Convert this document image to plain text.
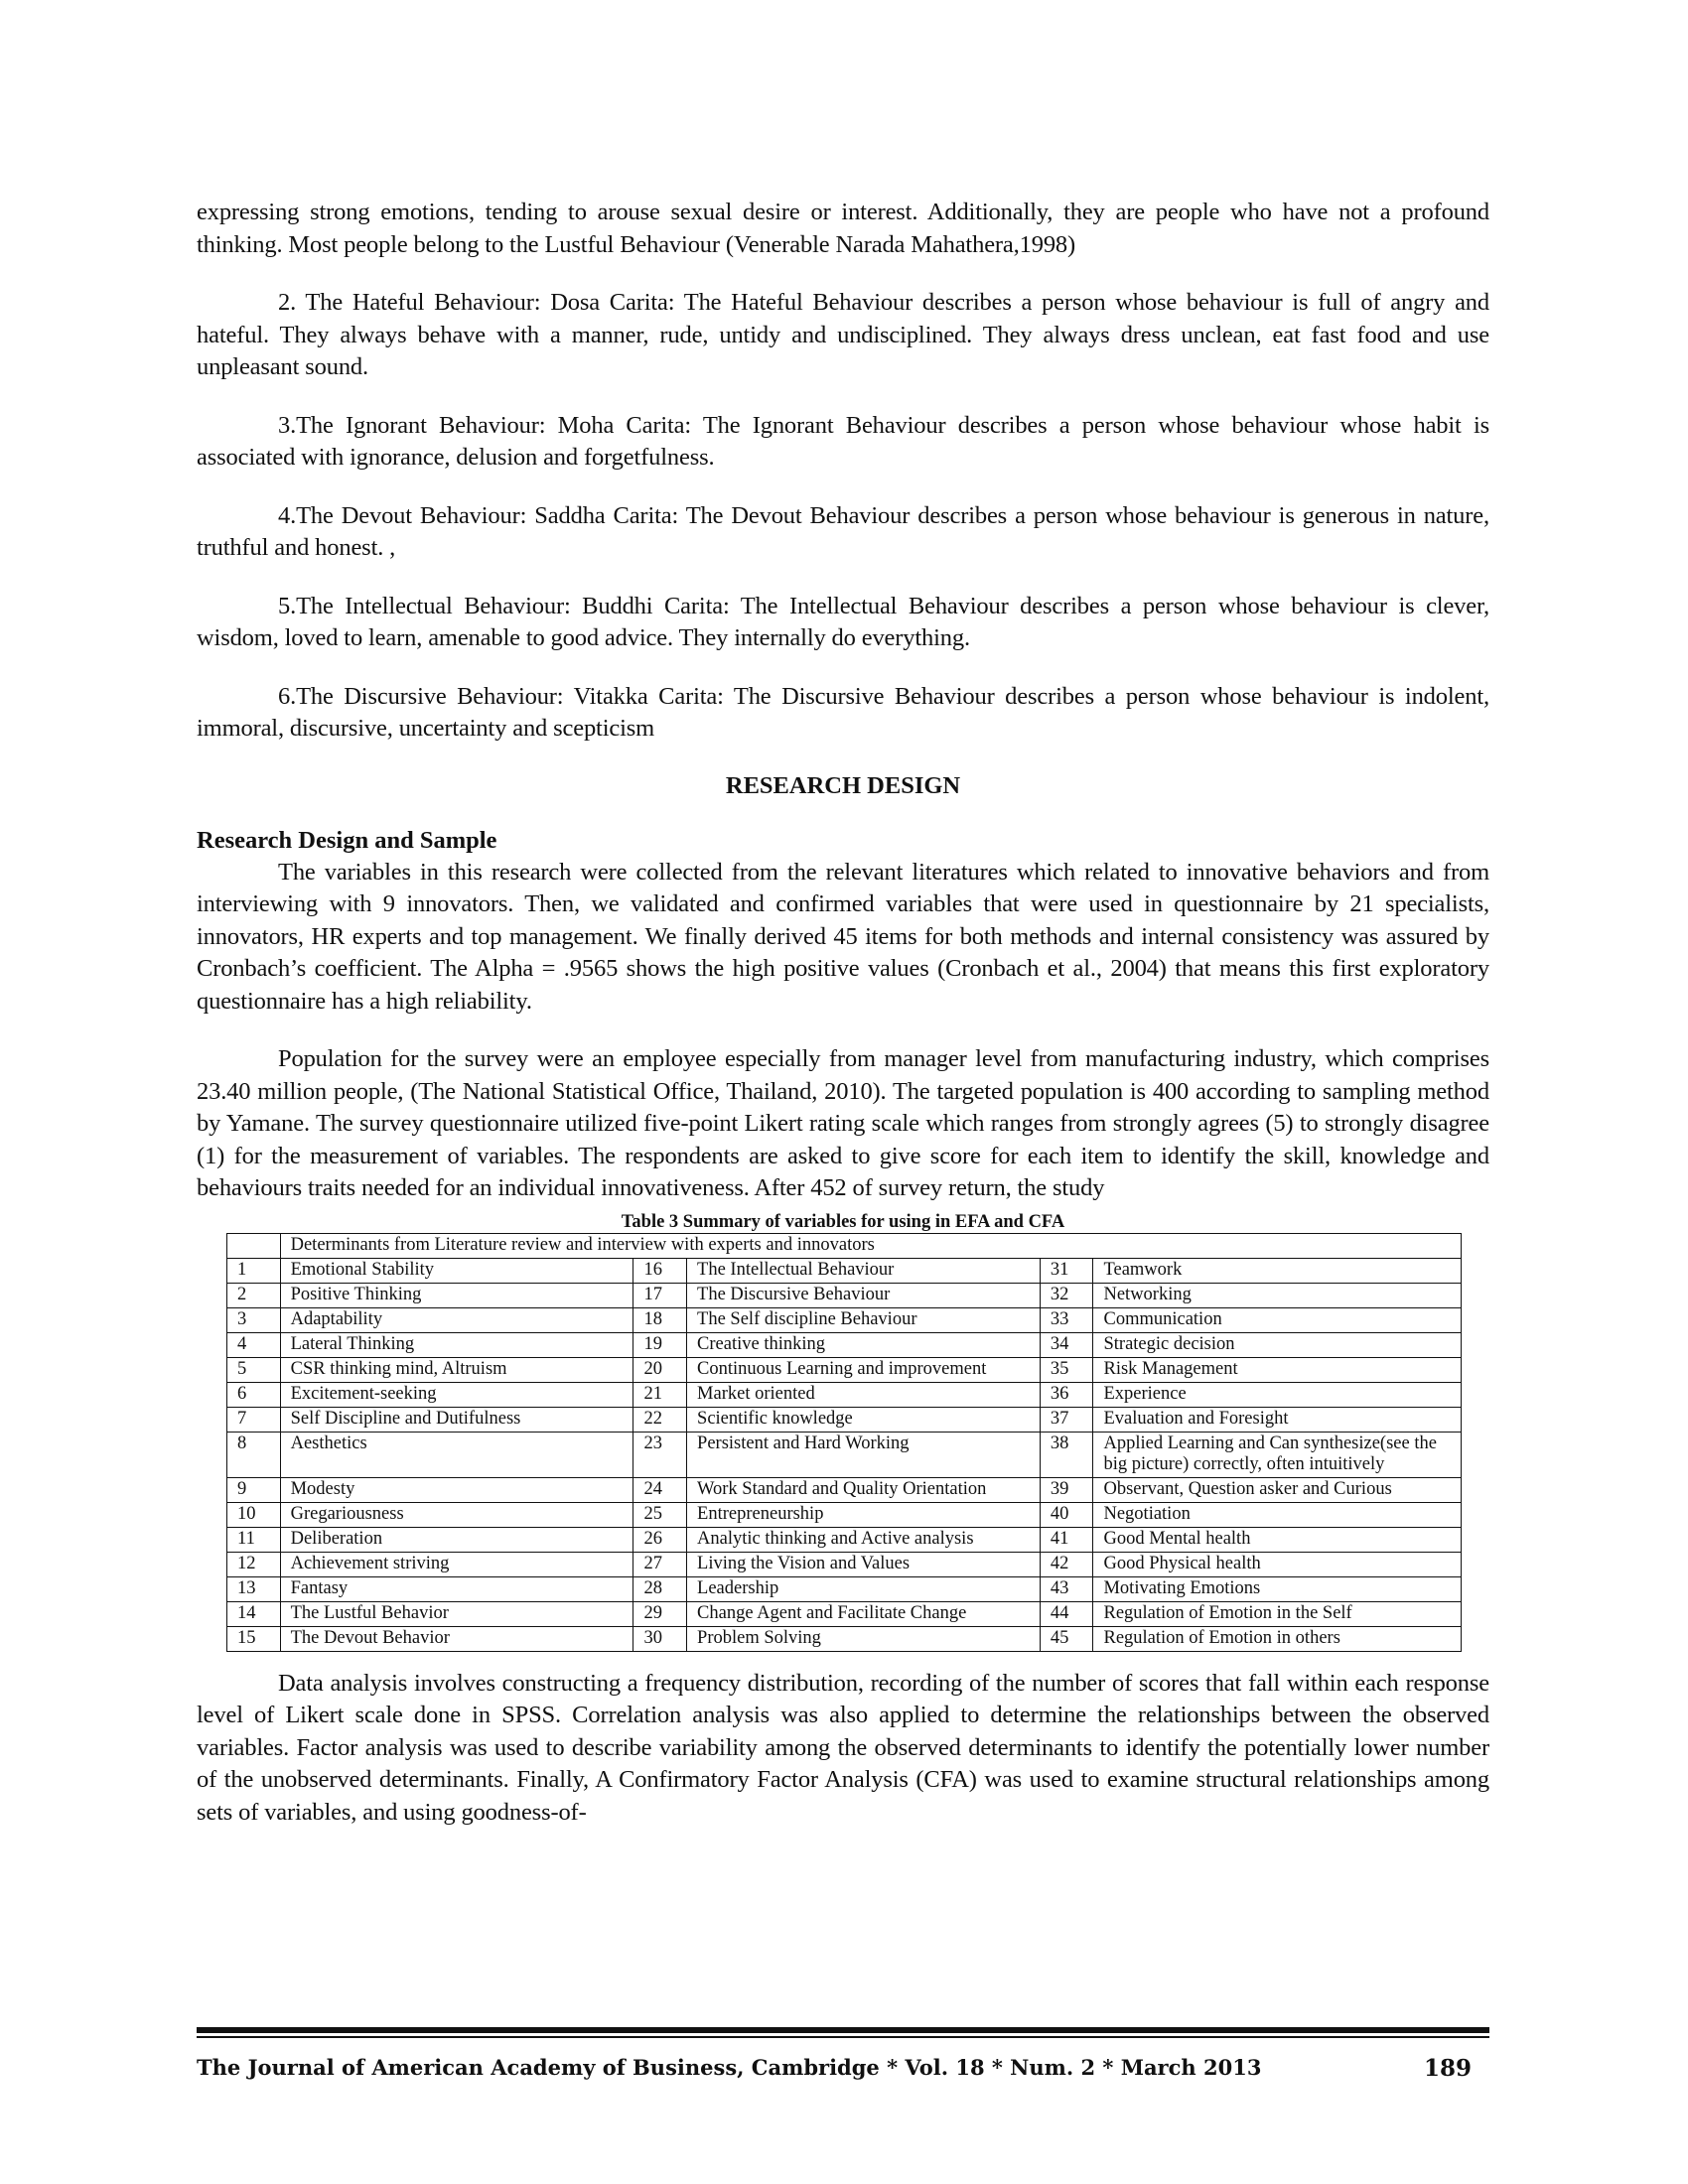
expressing strong emotions, tending to arouse sexual desire or interest. Additionally, they are people who have not a profound thinking. Most people belong to the Lustful Behaviour (Venerable Narada Mahathera,1998)

2. The Hateful Behaviour: Dosa Carita: The Hateful Behaviour describes a person whose behaviour is full of angry and hateful. They always behave with a manner, rude, untidy and undisciplined. They always dress unclean, eat fast food and use unpleasant sound.

3.The Ignorant Behaviour: Moha Carita: The Ignorant Behaviour describes a person whose behaviour whose habit is associated with ignorance, delusion and forgetfulness.

4.The Devout Behaviour: Saddha Carita: The Devout Behaviour describes a person whose behaviour is generous in nature, truthful and honest. ,

5.The Intellectual Behaviour: Buddhi Carita: The Intellectual Behaviour describes a person whose behaviour is clever, wisdom, loved to learn, amenable to good advice. They internally do everything.

6.The Discursive Behaviour: Vitakka Carita: The Discursive Behaviour describes a person whose behaviour is indolent, immoral, discursive, uncertainty and scepticism

RESEARCH DESIGN
Research Design and Sample

The variables in this research were collected from the relevant literatures which related to innovative behaviors and from interviewing with 9 innovators. Then, we validated and confirmed variables that were used in questionnaire by 21 specialists, innovators, HR experts and top management. We finally derived 45 items for both methods and internal consistency was assured by Cronbach’s coefficient. The Alpha = .9565 shows the high positive values (Cronbach et al., 2004) that means this first exploratory questionnaire has a high reliability.

Population for the survey were an employee especially from manager level from manufacturing industry, which comprises 23.40 million people, (The National Statistical Office, Thailand, 2010). The targeted population is 400 according to sampling method by Yamane. The survey questionnaire utilized five-point Likert rating scale which ranges from strongly agrees (5) to strongly disagree (1) for the measurement of variables. The respondents are asked to give score for each item to identify the skill, knowledge and behaviours traits needed for an individual innovativeness. After 452 of survey return, the study

Table 3 Summary of variables for using in EFA and CFA
	Determinants from Literature review and interview with experts and innovators				
1	Emotional Stability	16	The Intellectual Behaviour	31	Teamwork
2	Positive Thinking	17	The Discursive Behaviour	32	Networking
3	Adaptability	18	The Self discipline Behaviour	33	Communication
4	Lateral Thinking	19	Creative thinking	34	Strategic decision
5	CSR thinking mind, Altruism	20	Continuous Learning and improvement	35	Risk Management
6	Excitement-seeking	21	Market oriented	36	Experience
7	Self Discipline and Dutifulness	22	Scientific knowledge	37	Evaluation and Foresight
8	Aesthetics	23	Persistent and Hard Working	38	Applied Learning and Can synthesize(see the big picture) correctly, often intuitively
9	Modesty	24	Work Standard and Quality Orientation	39	Observant, Question asker and Curious
10	Gregariousness	25	Entrepreneurship	40	Negotiation
11	Deliberation	26	Analytic thinking and Active analysis	41	Good Mental health
12	Achievement striving	27	Living the Vision and Values	42	Good Physical health
13	Fantasy	28	Leadership	43	Motivating Emotions
14	The Lustful Behavior	29	Change Agent and Facilitate Change	44	Regulation of Emotion in the Self
15	The Devout Behavior	30	Problem Solving	45	Regulation of Emotion in others

Data analysis involves constructing a frequency distribution, recording of the number of scores that fall within each response level of Likert scale done in SPSS. Correlation analysis was also applied to determine the relationships between the observed variables. Factor analysis was used to describe variability among the observed determinants to identify the potentially lower number of the unobserved determinants. Finally, A Confirmatory Factor Analysis (CFA) was used to examine structural relationships among sets of variables, and using goodness-of-

The Journal of American Academy of Business, Cambridge * Vol. 18 * Num. 2 * March 2013	189
